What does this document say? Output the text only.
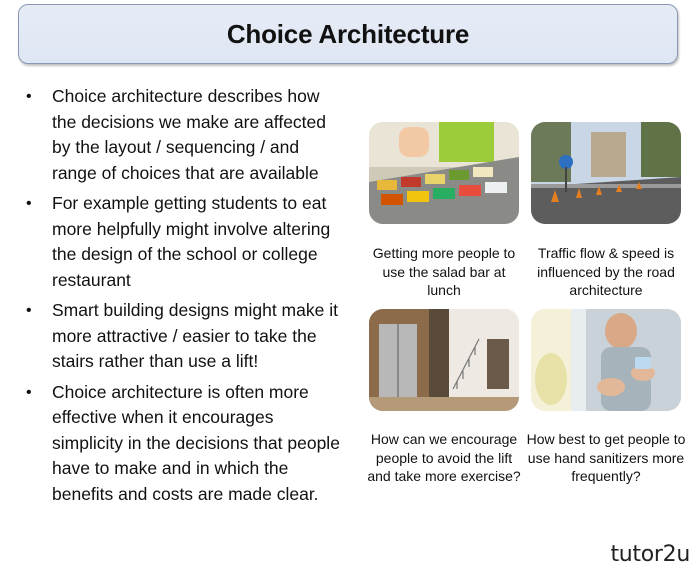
Choice Architecture
• Choice architecture describes how the decisions we make are affected by the layout / sequencing / and range of choices that are available
• For example getting students to eat more helpfully might involve altering the design of the school or college restaurant
• Smart building designs might make it more attractive / easier to take the stairs rather than use a lift!
• Choice architecture is often more effective when it encourages simplicity in the decisions that people have to make and in which the benefits and costs are made clear.
Getting more people to use the salad bar at lunch
Traffic flow & speed is influenced by the road architecture
How can we encourage people to avoid the lift and take more exercise?
How best to get people to use hand sanitizers more frequently?
tutor2u
